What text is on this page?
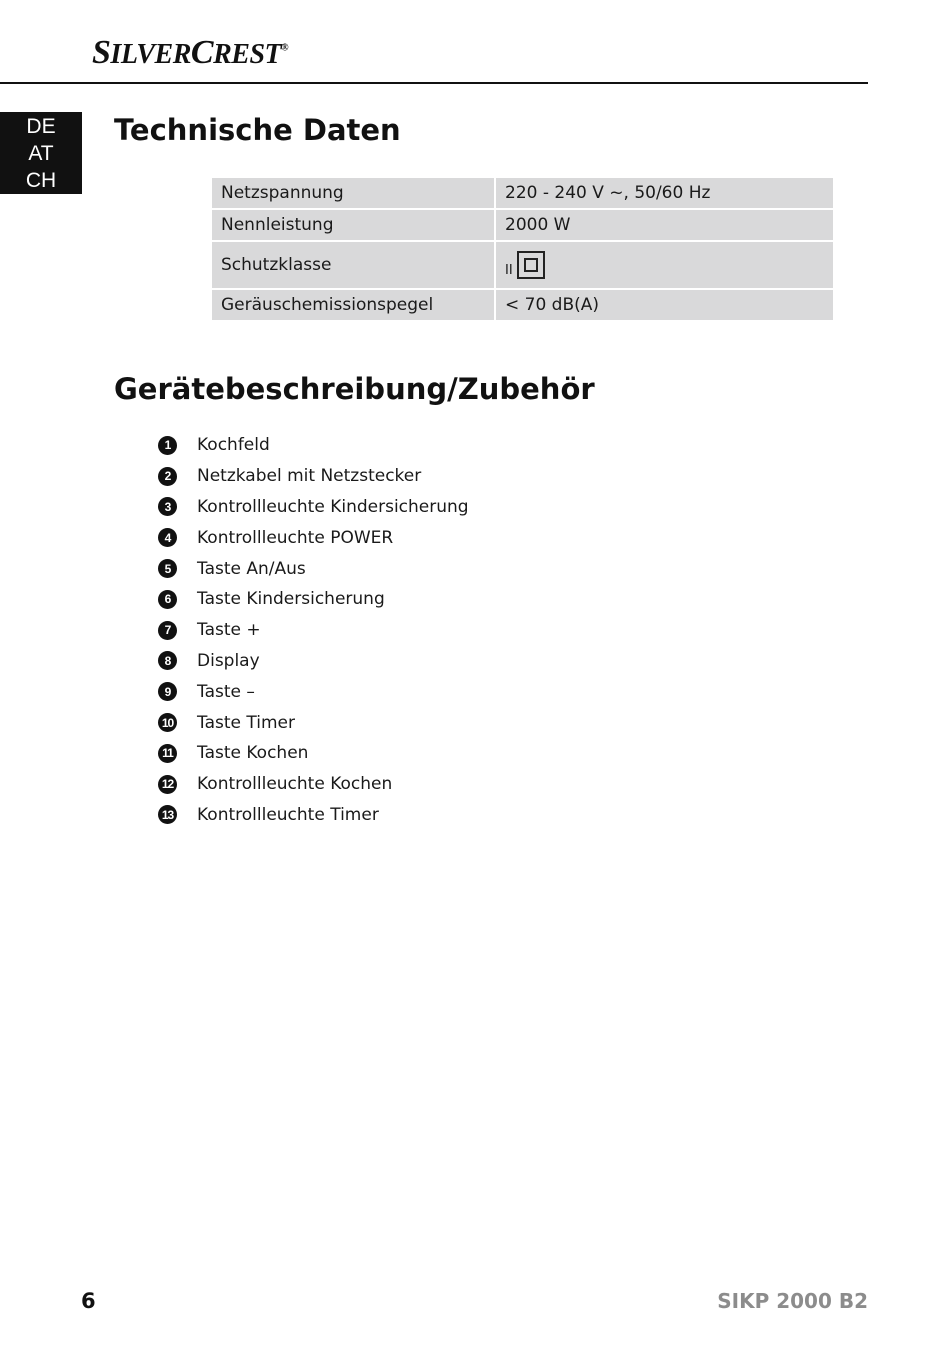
SILVERCREST®
DE
AT
CH
Technische Daten
Netzspannung	220 - 240 V ~, 50/60 Hz
Nennleistung	2000 W
Schutzklasse	II

Geräuschemissionspegel	< 70 dB(A)
Gerätebeschreibung/Zubehör
1	Kochfeld
2	Netzkabel mit Netzstecker
3	Kontrollleuchte Kindersicherung
4	Kontrollleuchte POWER
5	Taste An/Aus
6	Taste Kindersicherung
7	Taste +
8	Display
9	Taste –
10 Taste Timer
11 Taste Kochen
12 Kontrollleuchte Kochen
13 Kontrollleuchte Timer
6	SIKP 2000 B2
